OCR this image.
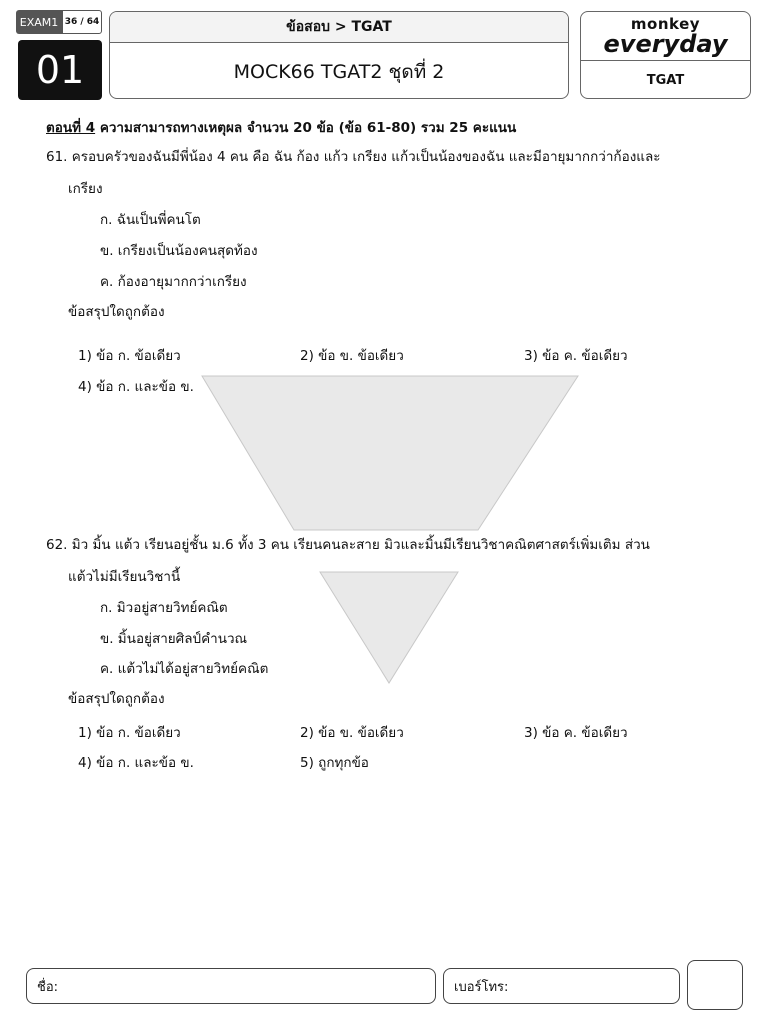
EXAM1 36 / 64
01
ข้อสอบ > TGAT
MOCK66 TGAT2 ชุดที่ 2
monkey
everyday
TGAT
ตอนที่ 4 ความสามารถทางเหตุผล จำนวน 20 ข้อ (ข้อ 61-80) รวม 25 คะแนน
61. ครอบครัวของฉันมีพี่น้อง 4 คน คือ ฉัน ก้อง แก้ว เกรียง แก้วเป็นน้องของฉัน และมีอายุมากกว่าก้องและ
เกรียง
ก. ฉันเป็นพี่คนโต
ข. เกรียงเป็นน้องคนสุดท้อง
ค. ก้องอายุมากกว่าเกรียง
ข้อสรุปใดถูกต้อง
1) ข้อ ก. ข้อเดียว	2) ข้อ ข. ข้อเดียว	3) ข้อ ค. ข้อเดียว
4) ข้อ ก. และข้อ ข.
62. มิว มิ้น แต้ว เรียนอยู่ชั้น ม.6 ทั้ง 3 คน เรียนคนละสาย มิวและมิ้นมีเรียนวิชาคณิตศาสตร์เพิ่มเติม ส่วน
แต้วไม่มีเรียนวิชานี้
ก. มิวอยู่สายวิทย์คณิต
ข. มิ้นอยู่สายศิลป์คำนวณ
ค. แต้วไม่ได้อยู่สายวิทย์คณิต
ข้อสรุปใดถูกต้อง
1) ข้อ ก. ข้อเดียว	2) ข้อ ข. ข้อเดียว	3) ข้อ ค. ข้อเดียว
4) ข้อ ก. และข้อ ข.	5) ถูกทุกข้อ
ชื่อ:	เบอร์โทร:
